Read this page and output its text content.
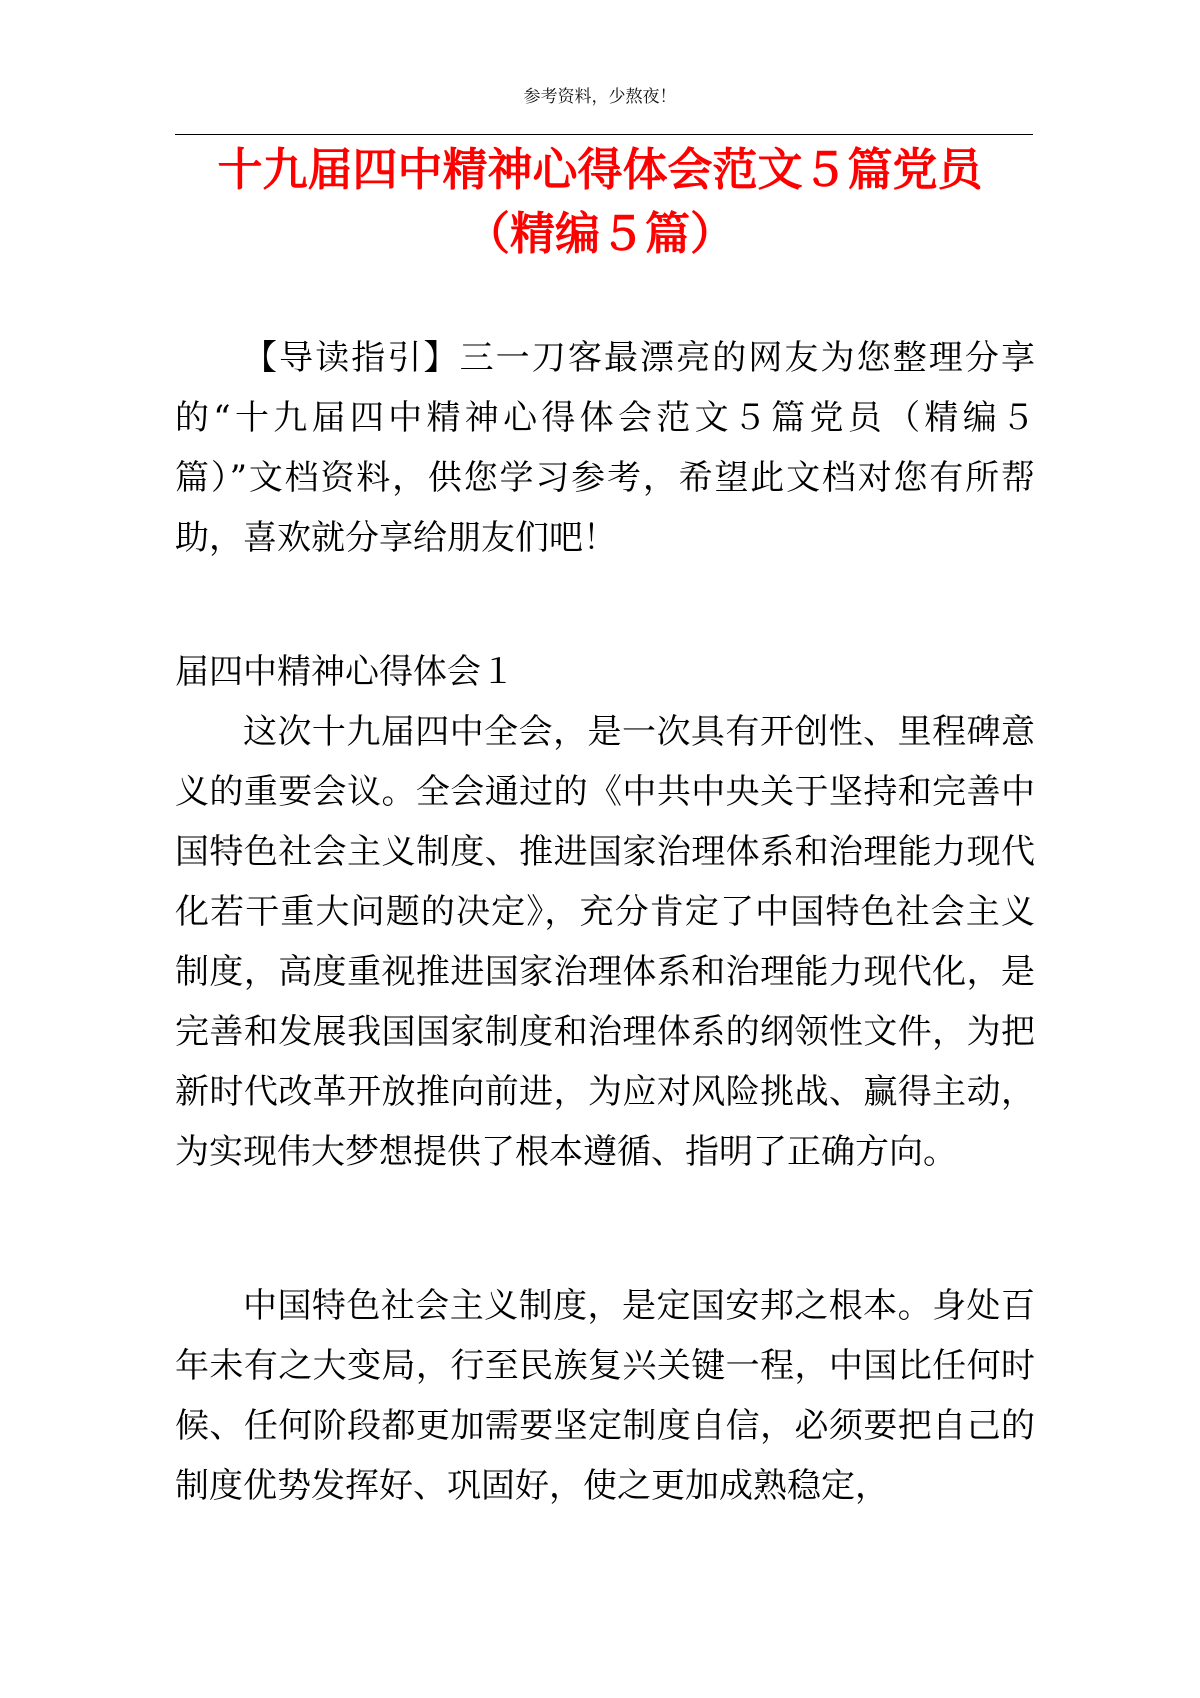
参考资料，少熬夜！
十九届四中精神心得体会范文５篇党员
（精编５篇）

【导读指引】三一刀客最漂亮的网友为您整理分享的“十九届四中精神心得体会范文５篇党员（精编５篇）”文档资料，供您学习参考，希望此文档对您有所帮助，喜欢就分享给朋友们吧！

届四中精神心得体会１

这次十九届四中全会，是一次具有开创性、里程碑意义的重要会议。全会通过的《中共中央关于坚持和完善中国特色社会主义制度、推进国家治理体系和治理能力现代化若干重大问题的决定》，充分肯定了中国特色社会主义制度，高度重视推进国家治理体系和治理能力现代化，是完善和发展我国国家制度和治理体系的纲领性文件，为把新时代改革开放推向前进，为应对风险挑战、赢得主动，为实现伟大梦想提供了根本遵循、指明了正确方向。

中国特色社会主义制度，是定国安邦之根本。身处百年未有之大变局，行至民族复兴关键一程，中国比任何时候、任何阶段都更加需要坚定制度自信，必须要把自己的制度优势发挥好、巩固好，使之更加成熟稳定，
